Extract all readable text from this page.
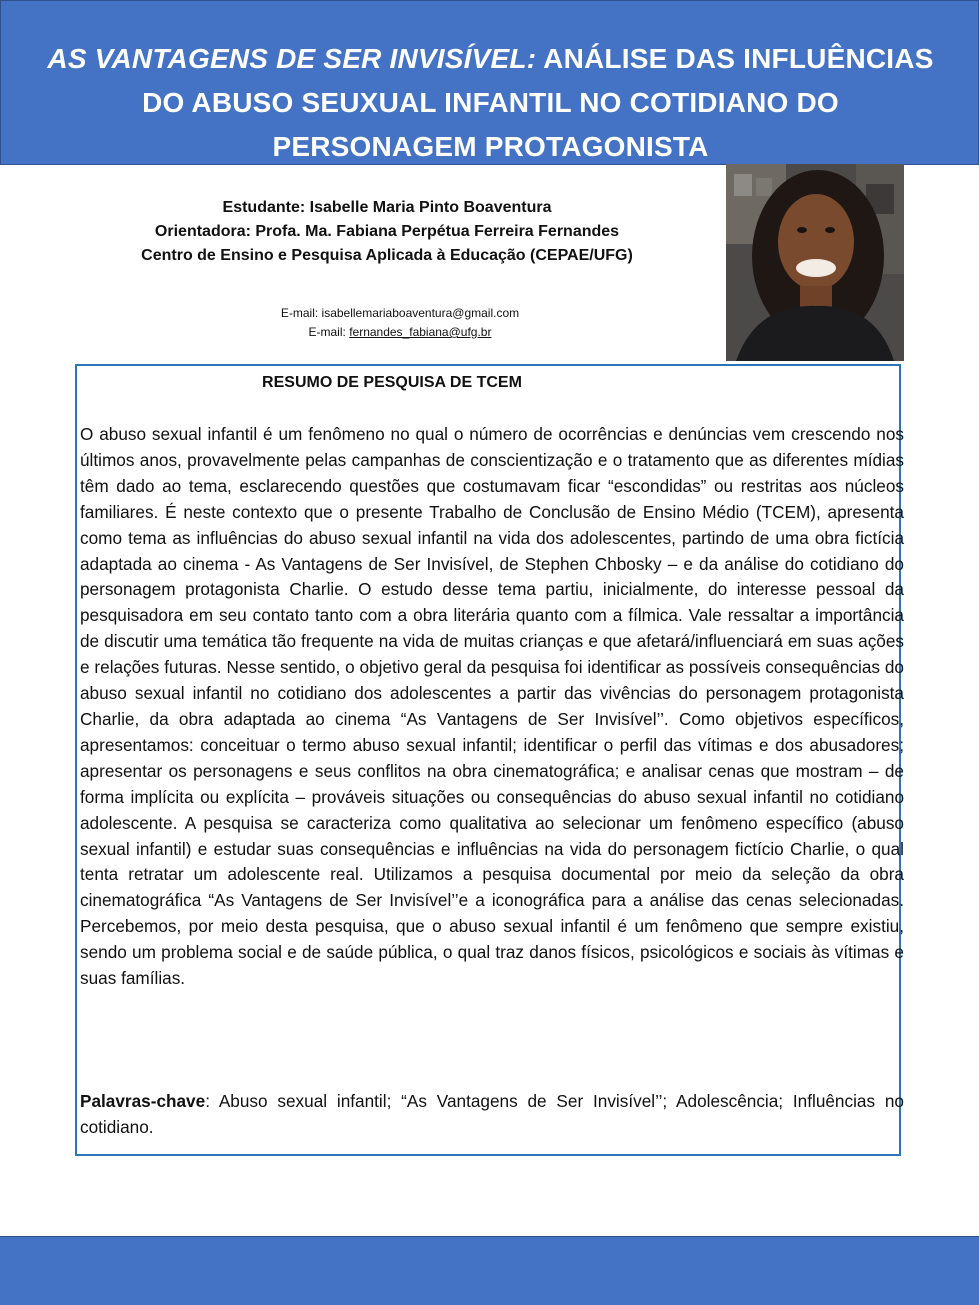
AS VANTAGENS DE SER INVISÍVEL: ANÁLISE DAS INFLUÊNCIAS DO ABUSO SEUXUAL INFANTIL NO COTIDIANO DO PERSONAGEM PROTAGONISTA
Estudante: Isabelle Maria Pinto Boaventura
Orientadora: Profa. Ma. Fabiana Perpétua Ferreira Fernandes
Centro de Ensino e Pesquisa Aplicada à Educação (CEPAE/UFG)
E-mail: isabellemariaboaventura@gmail.com
E-mail: fernandes_fabiana@ufg.br
RESUMO DE PESQUISA DE TCEM

O abuso sexual infantil é um fenômeno no qual o número de ocorrências e denúncias vem crescendo nos últimos anos, provavelmente pelas campanhas de conscientização e o tratamento que as diferentes mídias têm dado ao tema, esclarecendo questões que costumavam ficar “escondidas” ou restritas aos núcleos familiares. É neste contexto que o presente Trabalho de Conclusão de Ensino Médio (TCEM), apresenta como tema as influências do abuso sexual infantil na vida dos adolescentes, partindo de uma obra fictícia adaptada ao cinema - As Vantagens de Ser Invisível, de Stephen Chbosky – e da análise do cotidiano do personagem protagonista Charlie. O estudo desse tema partiu, inicialmente, do interesse pessoal da pesquisadora em seu contato tanto com a obra literária quanto com a fílmica. Vale ressaltar a importância de discutir uma temática tão frequente na vida de muitas crianças e que afetará/influenciará em suas ações e relações futuras. Nesse sentido, o objetivo geral da pesquisa foi identificar as possíveis consequências do abuso sexual infantil no cotidiano dos adolescentes a partir das vivências do personagem protagonista Charlie, da obra adaptada ao cinema “As Vantagens de Ser Invisível’’. Como objetivos específicos, apresentamos: conceituar o termo abuso sexual infantil; identificar o perfil das vítimas e dos abusadores; apresentar os personagens e seus conflitos na obra cinematográfica; e analisar cenas que mostram – de forma implícita ou explícita – prováveis situações ou consequências do abuso sexual infantil no cotidiano adolescente. A pesquisa se caracteriza como qualitativa ao selecionar um fenômeno específico (abuso sexual infantil) e estudar suas consequências e influências na vida do personagem fictício Charlie, o qual tenta retratar um adolescente real. Utilizamos a pesquisa documental por meio da seleção da obra cinematográfica “As Vantagens de Ser Invisível’’e a iconográfica para a análise das cenas selecionadas. Percebemos, por meio desta pesquisa, que o abuso sexual infantil é um fenômeno que sempre existiu, sendo um problema social e de saúde pública, o qual traz danos físicos, psicológicos e sociais às vítimas e suas famílias.

Palavras-chave: Abuso sexual infantil; “As Vantagens de Ser Invisível’’; Adolescência; Influências no cotidiano.
